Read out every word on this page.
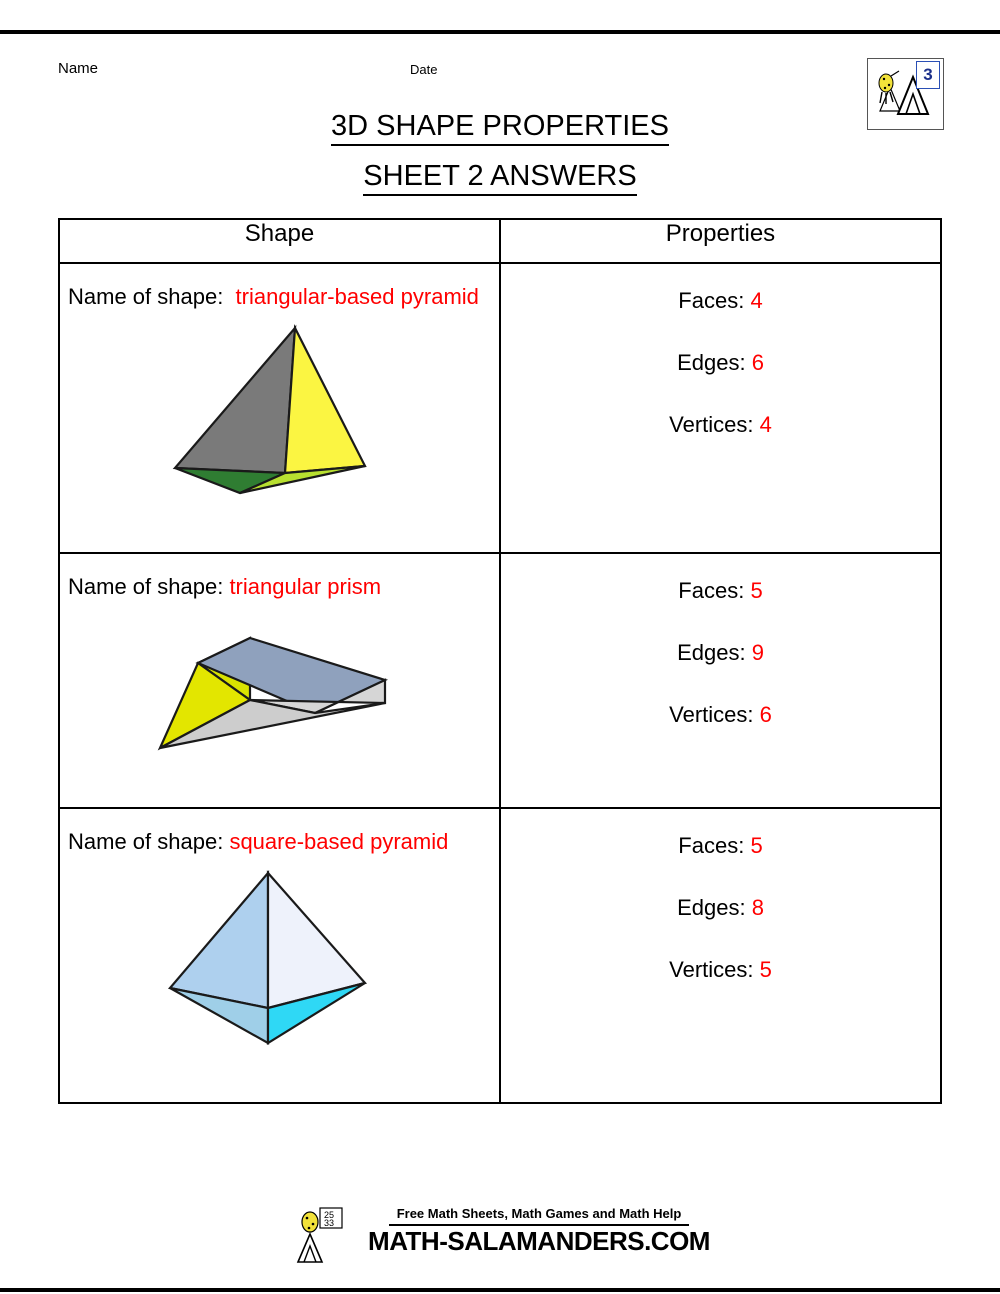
Name	Date	3
3D SHAPE PROPERTIES
SHEET 2 ANSWERS
Shape	Properties

Name of shape: triangular-based pyramid	Faces: 4
Edges: 6
Vertices: 4

Name of shape: triangular prism	Faces: 5
Edges: 9
Vertices: 6

Name of shape: square-based pyramid	Faces: 5
Edges: 8
Vertices: 5
25
33
Free Math Sheets, Math Games and Math Help
MATH-SALAMANDERS.COM
